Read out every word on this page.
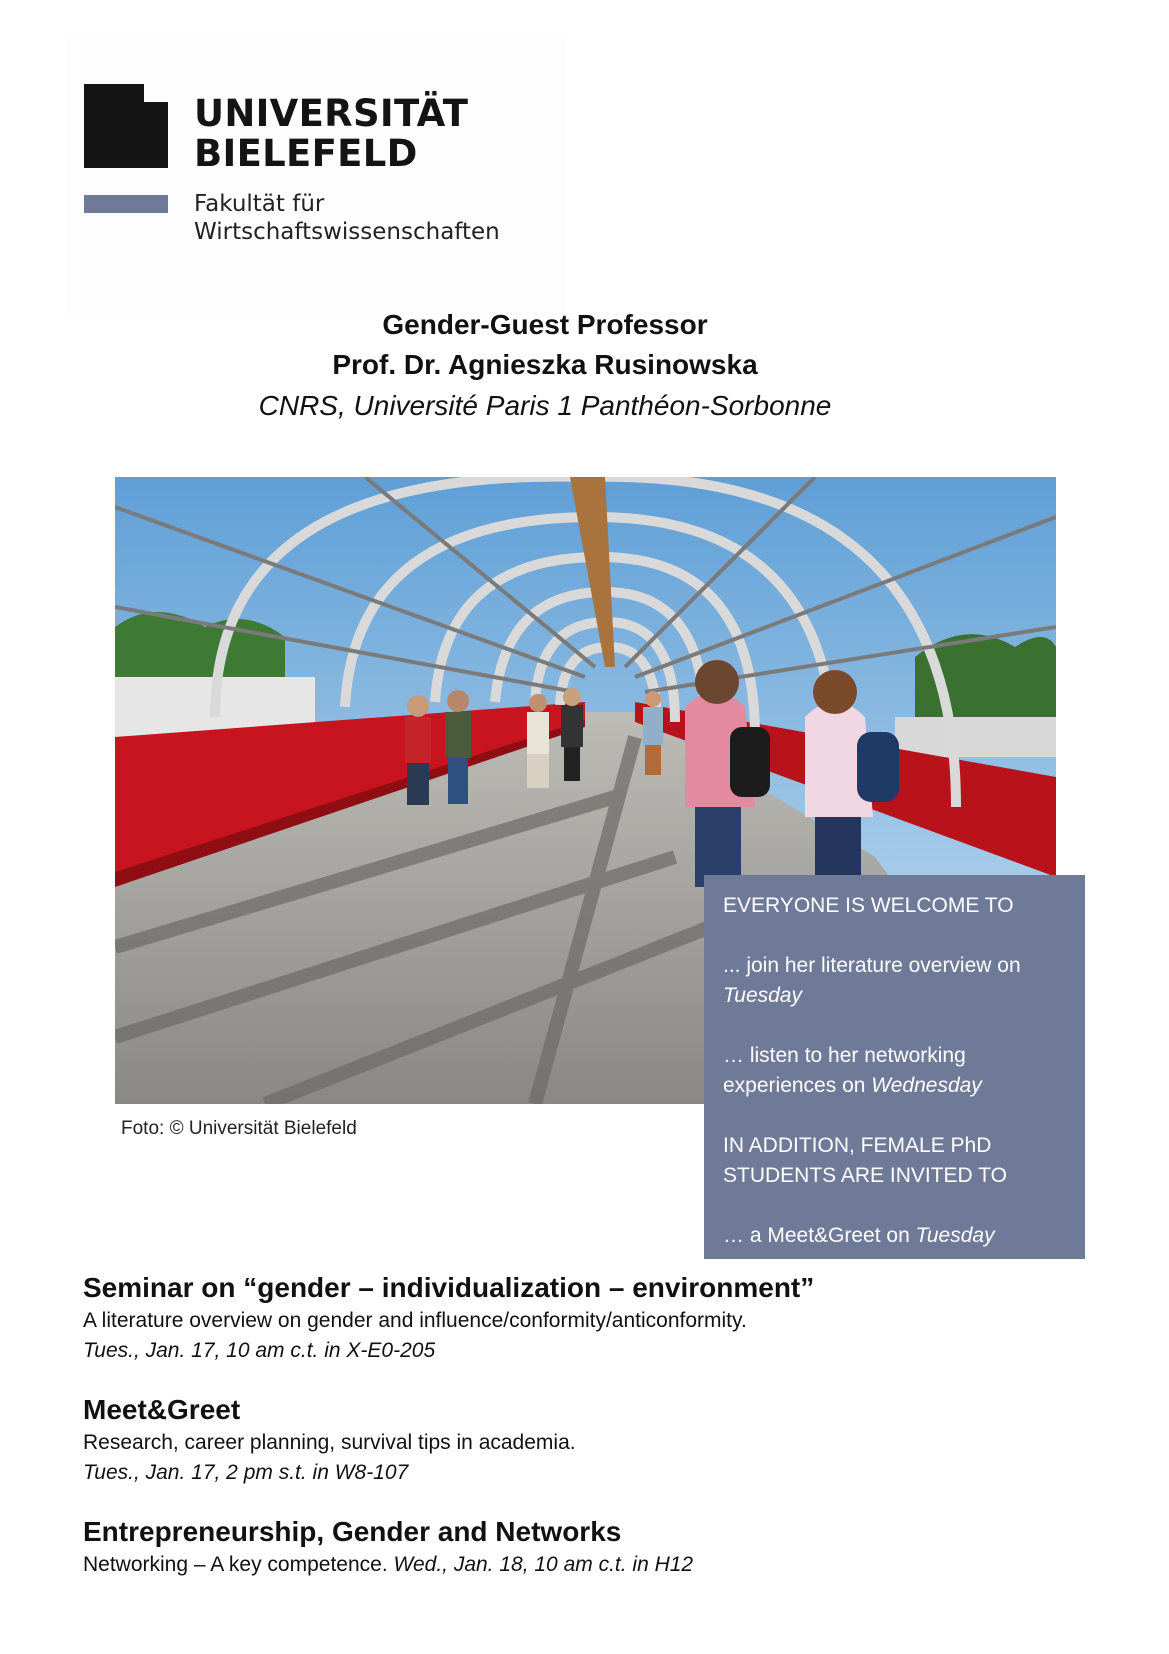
UNIVERSITÄT
BIELEFELD
Fakultät für
Wirtschaftswissenschaften
Gender-Guest Professor
Prof. Dr. Agnieszka Rusinowska
CNRS, Université Paris 1 Panthéon-Sorbonne
Foto: © Universität Bielefeld

EVERYONE IS WELCOME TO

... join her literature overview on
Tuesday

… listen to her networking
experiences on Wednesday

IN ADDITION, FEMALE PhD
STUDENTS ARE INVITED TO

… a Meet&Greet on Tuesday

Seminar on “gender – individualization – environment”
A literature overview on gender and influence/conformity/anticonformity.
Tues., Jan. 17, 10 am c.t. in X-E0-205
Meet&Greet
Research, career planning, survival tips in academia.
Tues., Jan. 17, 2 pm s.t. in W8-107
Entrepreneurship, Gender and Networks
Networking – A key competence. Wed., Jan. 18, 10 am c.t. in H12
